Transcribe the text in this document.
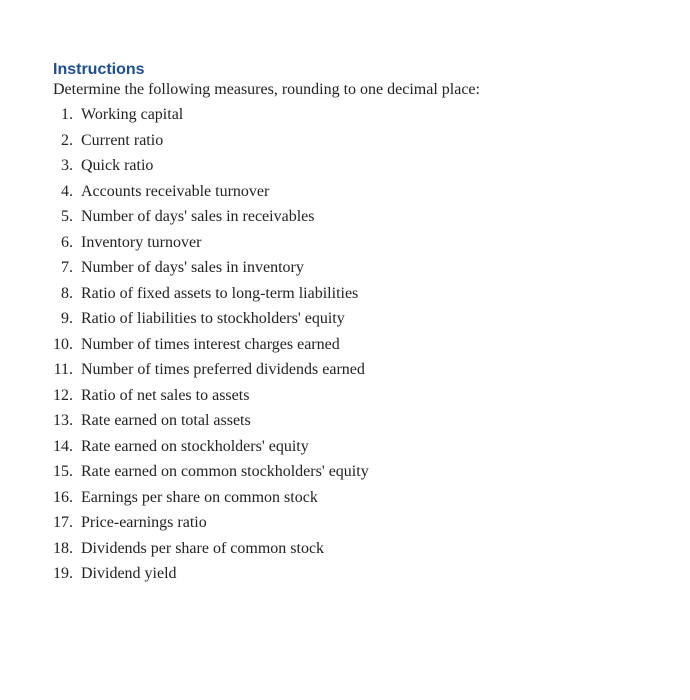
Instructions

Determine the following measures, rounding to one decimal place:

1. Working capital
2. Current ratio
3. Quick ratio
4. Accounts receivable turnover
5. Number of days' sales in receivables
6. Inventory turnover
7. Number of days' sales in inventory
8. Ratio of fixed assets to long-term liabilities
9. Ratio of liabilities to stockholders' equity
10. Number of times interest charges earned
11. Number of times preferred dividends earned
12. Ratio of net sales to assets
13. Rate earned on total assets
14. Rate earned on stockholders' equity
15. Rate earned on common stockholders' equity
16. Earnings per share on common stock
17. Price-earnings ratio
18. Dividends per share of common stock
19. Dividend yield
